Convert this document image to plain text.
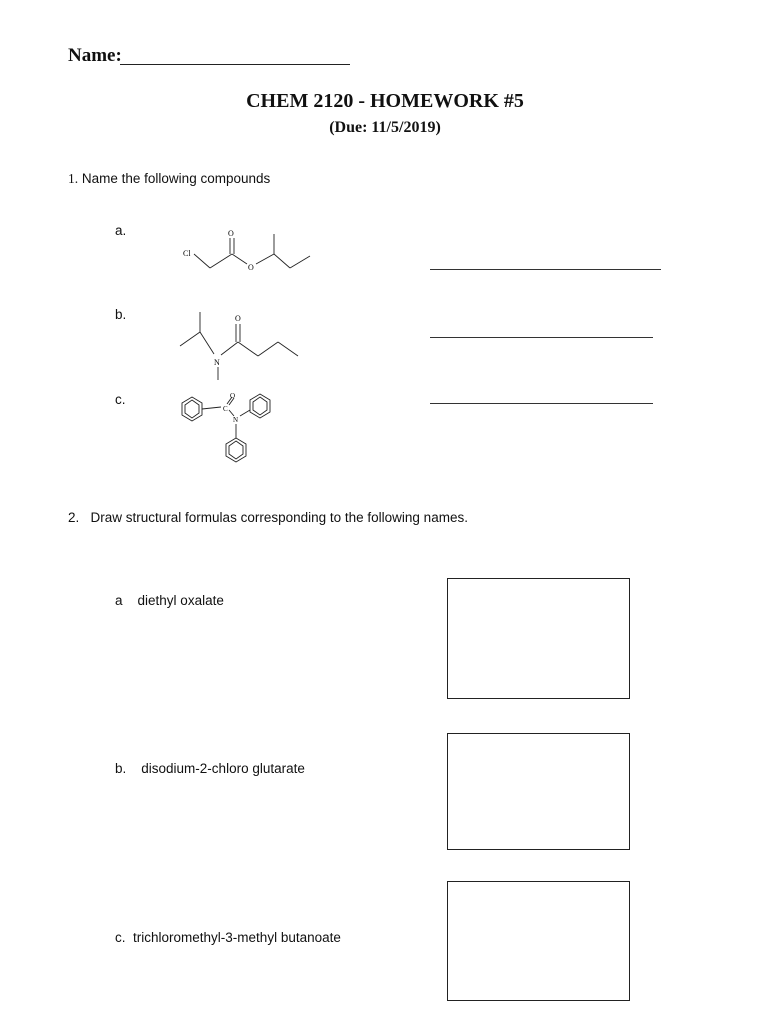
Name:
CHEM 2120 - HOMEWORK #5
(Due: 11/5/2019)
1. Name the following compounds
a.
b.
c.
Cl
O
O
O
N
O
C
N
2. Draw structural formulas corresponding to the following names.
a diethyl oxalate
b. disodium-2-chloro glutarate
c. trichloromethyl-3-methyl butanoate
